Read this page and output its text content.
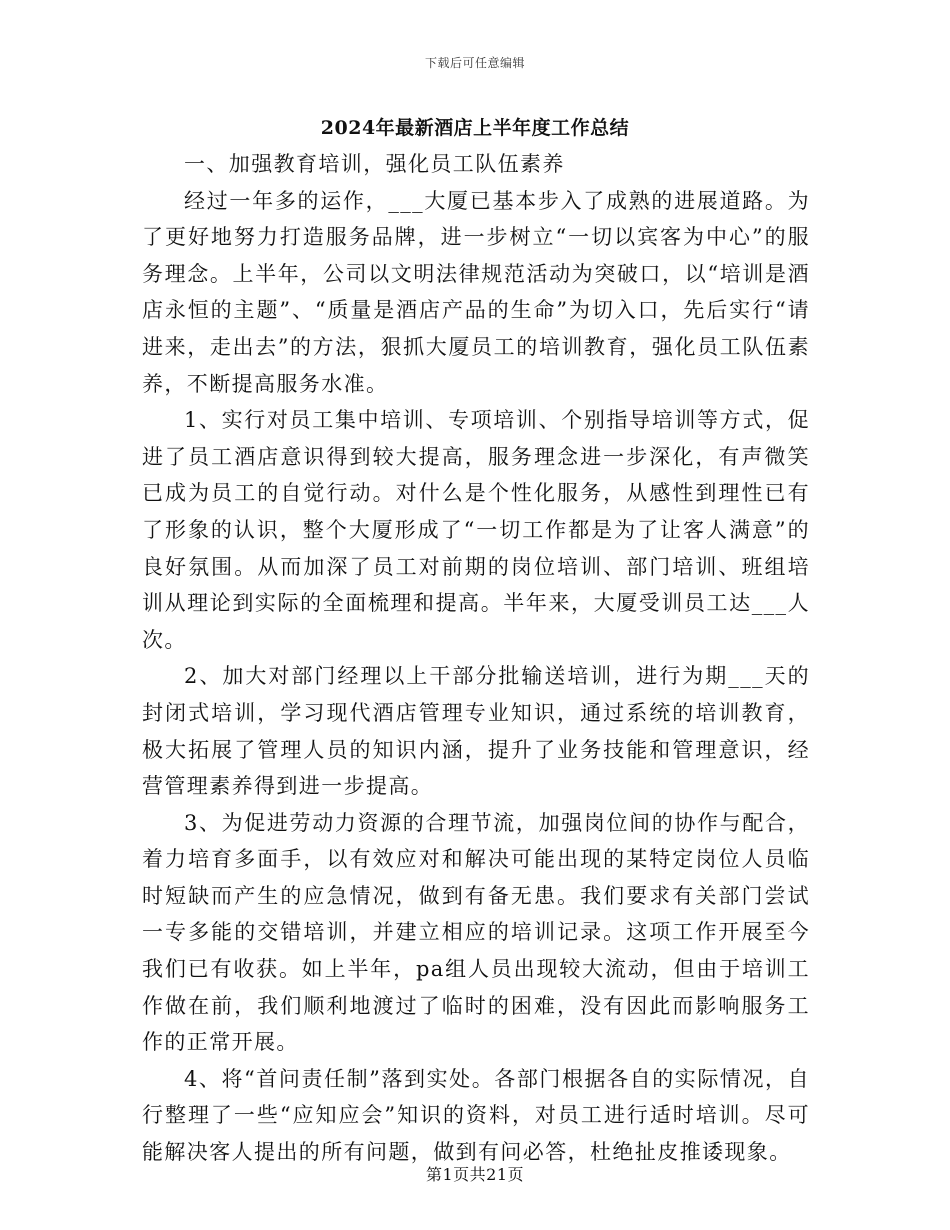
下载后可任意编辑
2024年最新酒店上半年度工作总结

一、加强教育培训，强化员工队伍素养

经过一年多的运作，___大厦已基本步入了成熟的进展道路。为了更好地努力打造服务品牌，进一步树立“一切以宾客为中心”的服务理念。上半年，公司以文明法律规范活动为突破口，以“培训是酒店永恒的主题”、“质量是酒店产品的生命”为切入口，先后实行“请进来，走出去”的方法，狠抓大厦员工的培训教育，强化员工队伍素养，不断提高服务水准。

1、实行对员工集中培训、专项培训、个别指导培训等方式，促进了员工酒店意识得到较大提高，服务理念进一步深化，有声微笑已成为员工的自觉行动。对什么是个性化服务，从感性到理性已有了形象的认识，整个大厦形成了“一切工作都是为了让客人满意”的良好氛围。从而加深了员工对前期的岗位培训、部门培训、班组培训从理论到实际的全面梳理和提高。半年来，大厦受训员工达___人次。

2、加大对部门经理以上干部分批输送培训，进行为期___天的封闭式培训，学习现代酒店管理专业知识，通过系统的培训教育，极大拓展了管理人员的知识内涵，提升了业务技能和管理意识，经营管理素养得到进一步提高。

3、为促进劳动力资源的合理节流，加强岗位间的协作与配合，着力培育多面手，以有效应对和解决可能出现的某特定岗位人员临时短缺而产生的应急情况，做到有备无患。我们要求有关部门尝试一专多能的交错培训，并建立相应的培训记录。这项工作开展至今我们已有收获。如上半年，pa组人员出现较大流动，但由于培训工作做在前，我们顺利地渡过了临时的困难，没有因此而影响服务工作的正常开展。

4、将“首问责任制”落到实处。各部门根据各自的实际情况，自行整理了一些“应知应会”知识的资料，对员工进行适时培训。尽可能解决客人提出的所有问题，做到有问必答，杜绝扯皮推诿现象。

第1页共21页
